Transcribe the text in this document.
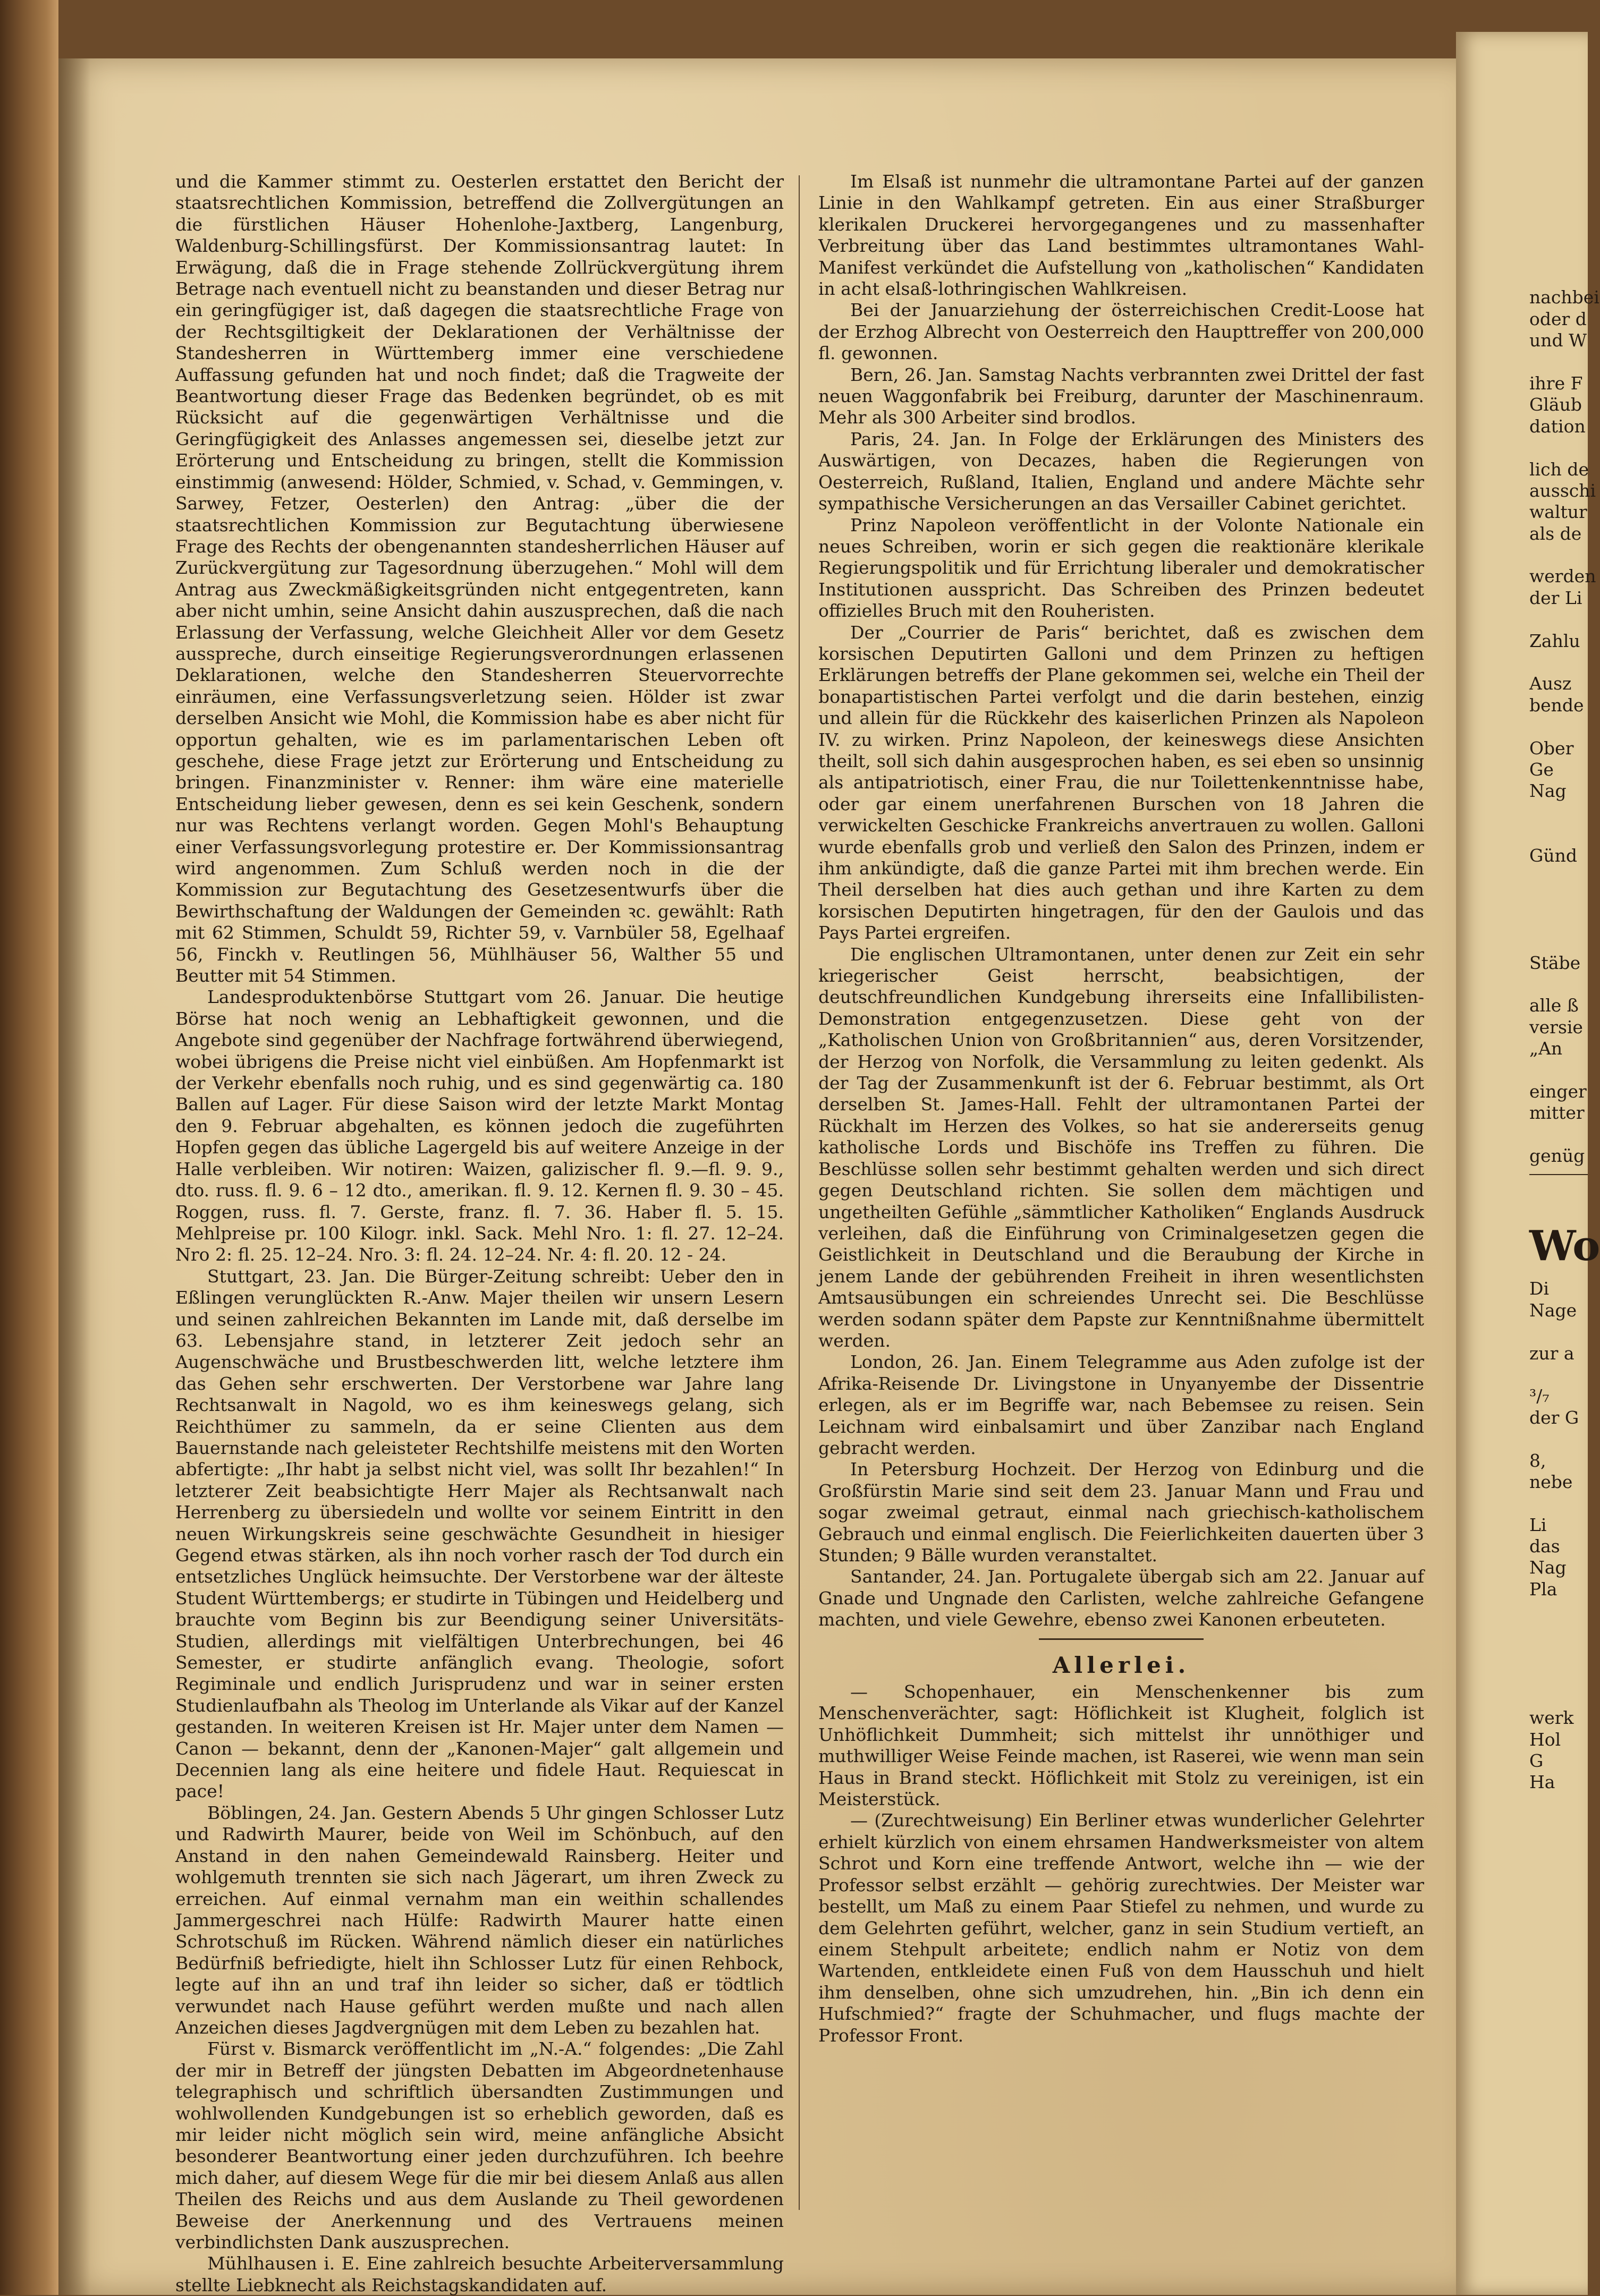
und die Kammer stimmt zu. Oesterlen erstattet den Bericht der staatsrechtlichen Kommission, betreffend die Zollvergütungen an die fürstlichen Häuser Hohenlohe-Jaxtberg, Langenburg, Waldenburg-Schillingsfürst. Der Kommissionsantrag lautet: In Erwägung, daß die in Frage stehende Zollrückvergütung ihrem Betrage nach eventuell nicht zu beanstanden und dieser Betrag nur ein geringfügiger ist, daß dagegen die staatsrechtliche Frage von der Rechtsgiltigkeit der Deklarationen der Verhältnisse der Standesherren in Württemberg immer eine verschiedene Auffassung gefunden hat und noch findet; daß die Tragweite der Beantwortung dieser Frage das Bedenken begründet, ob es mit Rücksicht auf die gegenwärtigen Verhältnisse und die Geringfügigkeit des Anlasses angemessen sei, dieselbe jetzt zur Erörterung und Entscheidung zu bringen, stellt die Kommission einstimmig (anwesend: Hölder, Schmied, v. Schad, v. Gemmingen, v. Sarwey, Fetzer, Oesterlen) den Antrag: „über die der staatsrechtlichen Kommission zur Begutachtung überwiesene Frage des Rechts der obengenannten standesherrlichen Häuser auf Zurückvergütung zur Tagesordnung überzugehen.“ Mohl will dem Antrag aus Zweckmäßigkeitsgründen nicht entgegentreten, kann aber nicht umhin, seine Ansicht dahin auszusprechen, daß die nach Erlassung der Verfassung, welche Gleichheit Aller vor dem Gesetz ausspreche, durch einseitige Regierungsverordnungen erlassenen Deklarationen, welche den Standesherren Steuervorrechte einräumen, eine Verfassungsverletzung seien. Hölder ist zwar derselben Ansicht wie Mohl, die Kommission habe es aber nicht für opportun gehalten, wie es im parlamentarischen Leben oft geschehe, diese Frage jetzt zur Erörterung und Entscheidung zu bringen. Finanzminister v. Renner: ihm wäre eine materielle Entscheidung lieber gewesen, denn es sei kein Geschenk, sondern nur was Rechtens verlangt worden. Gegen Mohl's Behauptung einer Verfassungsvorlegung protestire er. Der Kommissionsantrag wird angenommen. Zum Schluß werden noch in die der Kommission zur Begutachtung des Gesetzesentwurfs über die Bewirthschaftung der Waldungen der Gemeinden ꝛc. gewählt: Rath mit 62 Stimmen, Schuldt 59, Richter 59, v. Varnbüler 58, Egelhaaf 56, Finckh v. Reutlingen 56, Mühlhäuser 56, Walther 55 und Beutter mit 54 Stimmen.

Landesproduktenbörse Stuttgart vom 26. Januar. Die heutige Börse hat noch wenig an Lebhaftigkeit gewonnen, und die Angebote sind gegenüber der Nachfrage fortwährend überwiegend, wobei übrigens die Preise nicht viel einbüßen. Am Hopfenmarkt ist der Verkehr ebenfalls noch ruhig, und es sind gegenwärtig ca. 180 Ballen auf Lager. Für diese Saison wird der letzte Markt Montag den 9. Februar abgehalten, es können jedoch die zugeführten Hopfen gegen das übliche Lagergeld bis auf weitere Anzeige in der Halle verbleiben. Wir notiren: Waizen, galizischer fl. 9.—fl. 9. 9., dto. russ. fl. 9. 6 – 12 dto., amerikan. fl. 9. 12. Kernen fl. 9. 30 – 45. Roggen, russ. fl. 7. Gerste, franz. fl. 7. 36. Haber fl. 5. 15. Mehlpreise pr. 100 Kilogr. inkl. Sack. Mehl Nro. 1: fl. 27. 12–24. Nro 2: fl. 25. 12–24. Nro. 3: fl. 24. 12–24. Nr. 4: fl. 20. 12 - 24.

Stuttgart, 23. Jan. Die Bürger-Zeitung schreibt: Ueber den in Eßlingen verunglückten R.-Anw. Majer theilen wir unsern Lesern und seinen zahlreichen Bekannten im Lande mit, daß derselbe im 63. Lebensjahre stand, in letzterer Zeit jedoch sehr an Augenschwäche und Brustbeschwerden litt, welche letztere ihm das Gehen sehr erschwerten. Der Verstorbene war Jahre lang Rechtsanwalt in Nagold, wo es ihm keineswegs gelang, sich Reichthümer zu sammeln, da er seine Clienten aus dem Bauernstande nach geleisteter Rechtshilfe meistens mit den Worten abfertigte: „Ihr habt ja selbst nicht viel, was sollt Ihr bezahlen!“ In letzterer Zeit beabsichtigte Herr Majer als Rechtsanwalt nach Herrenberg zu übersiedeln und wollte vor seinem Eintritt in den neuen Wirkungskreis seine geschwächte Gesundheit in hiesiger Gegend etwas stärken, als ihn noch vorher rasch der Tod durch ein entsetzliches Unglück heimsuchte. Der Verstorbene war der älteste Student Württembergs; er studirte in Tübingen und Heidelberg und brauchte vom Beginn bis zur Beendigung seiner Universitäts-Studien, allerdings mit vielfältigen Unterbrechungen, bei 46 Semester, er studirte anfänglich evang. Theologie, sofort Regiminale und endlich Jurisprudenz und war in seiner ersten Studienlaufbahn als Theolog im Unterlande als Vikar auf der Kanzel gestanden. In weiteren Kreisen ist Hr. Majer unter dem Namen — Canon — bekannt, denn der „Kanonen-Majer“ galt allgemein und Decennien lang als eine heitere und fidele Haut. Requiescat in pace!

Böblingen, 24. Jan. Gestern Abends 5 Uhr gingen Schlosser Lutz und Radwirth Maurer, beide von Weil im Schönbuch, auf den Anstand in den nahen Gemeindewald Rainsberg. Heiter und wohlgemuth trennten sie sich nach Jägerart, um ihren Zweck zu erreichen. Auf einmal vernahm man ein weithin schallendes Jammergeschrei nach Hülfe: Radwirth Maurer hatte einen Schrotschuß im Rücken. Während nämlich dieser ein natürliches Bedürfniß befriedigte, hielt ihn Schlosser Lutz für einen Rehbock, legte auf ihn an und traf ihn leider so sicher, daß er tödtlich verwundet nach Hause geführt werden mußte und nach allen Anzeichen dieses Jagdvergnügen mit dem Leben zu bezahlen hat.

Fürst v. Bismarck veröffentlicht im „N.-A.“ folgendes: „Die Zahl der mir in Betreff der jüngsten Debatten im Abgeordnetenhause telegraphisch und schriftlich übersandten Zustimmungen und wohlwollenden Kundgebungen ist so erheblich geworden, daß es mir leider nicht möglich sein wird, meine anfängliche Absicht besonderer Beantwortung einer jeden durchzuführen. Ich beehre mich daher, auf diesem Wege für die mir bei diesem Anlaß aus allen Theilen des Reichs und aus dem Auslande zu Theil gewordenen Beweise der Anerkennung und des Vertrauens meinen verbindlichsten Dank auszusprechen.

Mühlhausen i. E. Eine zahlreich besuchte Arbeiterversammlung stellte Liebknecht als Reichstagskandidaten auf.

Im Elsaß ist nunmehr die ultramontane Partei auf der ganzen Linie in den Wahlkampf getreten. Ein aus einer Straßburger klerikalen Druckerei hervorgegangenes und zu massenhafter Verbreitung über das Land bestimmtes ultramontanes Wahl-Manifest verkündet die Aufstellung von „katholischen“ Kandidaten in acht elsaß-lothringischen Wahlkreisen.

Bei der Januarziehung der österreichischen Credit-Loose hat der Erzhog Albrecht von Oesterreich den Haupttreffer von 200,000 fl. gewonnen.

Bern, 26. Jan. Samstag Nachts verbrannten zwei Drittel der fast neuen Waggonfabrik bei Freiburg, darunter der Maschinenraum. Mehr als 300 Arbeiter sind brodlos.

Paris, 24. Jan. In Folge der Erklärungen des Ministers des Auswärtigen, von Decazes, haben die Regierungen von Oesterreich, Rußland, Italien, England und andere Mächte sehr sympathische Versicherungen an das Versailler Cabinet gerichtet.

Prinz Napoleon veröffentlicht in der Volonte Nationale ein neues Schreiben, worin er sich gegen die reaktionäre klerikale Regierungspolitik und für Errichtung liberaler und demokratischer Institutionen ausspricht. Das Schreiben des Prinzen bedeutet offizielles Bruch mit den Rouheristen.

Der „Courrier de Paris“ berichtet, daß es zwischen dem korsischen Deputirten Galloni und dem Prinzen zu heftigen Erklärungen betreffs der Plane gekommen sei, welche ein Theil der bonapartistischen Partei verfolgt und die darin bestehen, einzig und allein für die Rückkehr des kaiserlichen Prinzen als Napoleon IV. zu wirken. Prinz Napoleon, der keineswegs diese Ansichten theilt, soll sich dahin ausgesprochen haben, es sei eben so unsinnig als antipatriotisch, einer Frau, die nur Toilettenkenntnisse habe, oder gar einem unerfahrenen Burschen von 18 Jahren die verwickelten Geschicke Frankreichs anvertrauen zu wollen. Galloni wurde ebenfalls grob und verließ den Salon des Prinzen, indem er ihm ankündigte, daß die ganze Partei mit ihm brechen werde. Ein Theil derselben hat dies auch gethan und ihre Karten zu dem korsischen Deputirten hingetragen, für den der Gaulois und das Pays Partei ergreifen.

Die englischen Ultramontanen, unter denen zur Zeit ein sehr kriegerischer Geist herrscht, beabsichtigen, der deutschfreundlichen Kundgebung ihrerseits eine Infallibilisten-Demonstration entgegenzusetzen. Diese geht von der „Katholischen Union von Großbritannien“ aus, deren Vorsitzender, der Herzog von Norfolk, die Versammlung zu leiten gedenkt. Als der Tag der Zusammenkunft ist der 6. Februar bestimmt, als Ort derselben St. James-Hall. Fehlt der ultramontanen Partei der Rückhalt im Herzen des Volkes, so hat sie andererseits genug katholische Lords und Bischöfe ins Treffen zu führen. Die Beschlüsse sollen sehr bestimmt gehalten werden und sich direct gegen Deutschland richten. Sie sollen dem mächtigen und ungetheilten Gefühle „sämmtlicher Katholiken“ Englands Ausdruck verleihen, daß die Einführung von Criminalgesetzen gegen die Geistlichkeit in Deutschland und die Beraubung der Kirche in jenem Lande der gebührenden Freiheit in ihren wesentlichsten Amtsausübungen ein schreiendes Unrecht sei. Die Beschlüsse werden sodann später dem Papste zur Kenntnißnahme übermittelt werden.

London, 26. Jan. Einem Telegramme aus Aden zufolge ist der Afrika-Reisende Dr. Livingstone in Unyanyembe der Dissentrie erlegen, als er im Begriffe war, nach Bebemsee zu reisen. Sein Leichnam wird einbalsamirt und über Zanzibar nach England gebracht werden.

In Petersburg Hochzeit. Der Herzog von Edinburg und die Großfürstin Marie sind seit dem 23. Januar Mann und Frau und sogar zweimal getraut, einmal nach griechisch-katholischem Gebrauch und einmal englisch. Die Feierlichkeiten dauerten über 3 Stunden; 9 Bälle wurden veranstaltet.

Santander, 24. Jan. Portugalete übergab sich am 22. Januar auf Gnade und Ungnade den Carlisten, welche zahlreiche Gefangene machten, und viele Gewehre, ebenso zwei Kanonen erbeuteten.

Allerlei.

— Schopenhauer, ein Menschenkenner bis zum Menschenverächter, sagt: Höflichkeit ist Klugheit, folglich ist Unhöflichkeit Dummheit; sich mittelst ihr unnöthiger und muthwilliger Weise Feinde machen, ist Raserei, wie wenn man sein Haus in Brand steckt. Höflichkeit mit Stolz zu vereinigen, ist ein Meisterstück.

— (Zurechtweisung) Ein Berliner etwas wunderlicher Gelehrter erhielt kürzlich von einem ehrsamen Handwerksmeister von altem Schrot und Korn eine treffende Antwort, welche ihn — wie der Professor selbst erzählt — gehörig zurechtwies. Der Meister war bestellt, um Maß zu einem Paar Stiefel zu nehmen, und wurde zu dem Gelehrten geführt, welcher, ganz in sein Studium vertieft, an einem Stehpult arbeitete; endlich nahm er Notiz von dem Wartenden, entkleidete einen Fuß von dem Hausschuh und hielt ihm denselben, ohne sich umzudrehen, hin. „Bin ich denn ein Hufschmied?“ fragte der Schuhmacher, und flugs machte der Professor Front.

nachbei
oder d
und W
ihre F
Gläub
dation
lich de
ausschi
waltur
als de
werden
der Li
Zahlu
Ausz
bende
Ober
Ge
Nag
Günd
Stäbe
alle ß
versie
„An
einger
mitter
genüg
Wo
Di
Nage
zur a
³/₇
der G
8,
nebe
Li
das
Nag
Pla
werk
Hol
G
Ha
